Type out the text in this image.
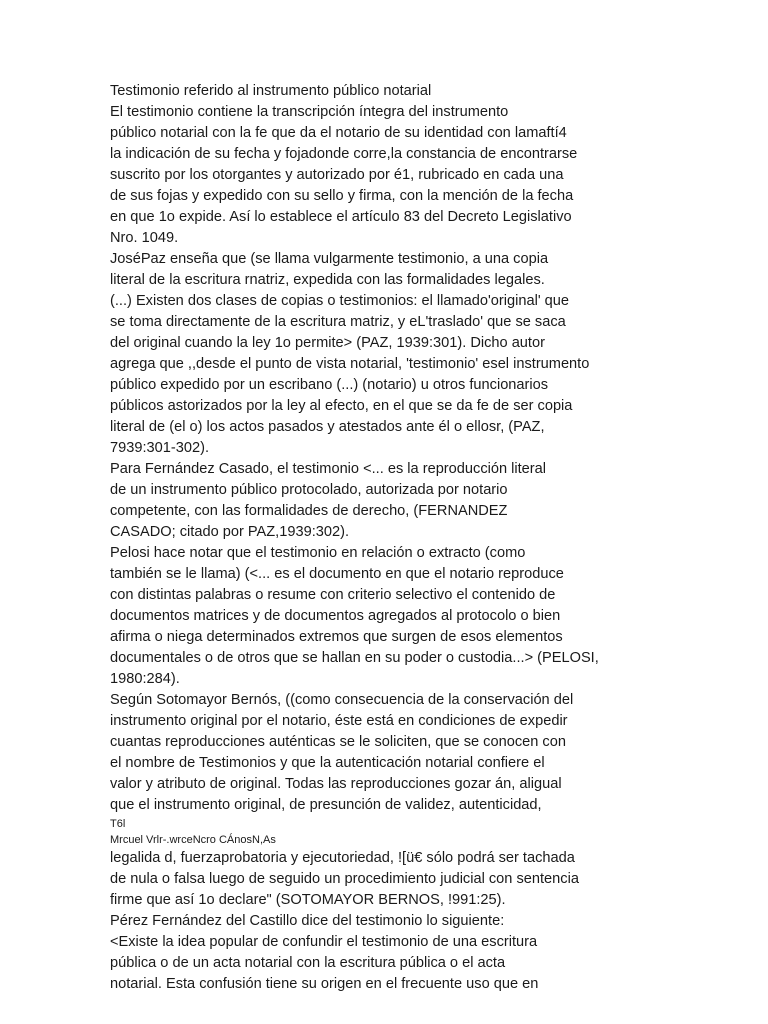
Testimonio referido al instrumento público notarial
El testimonio contiene la transcripción íntegra del instrumento
público notarial con la fe que da el notario de su identidad con lamaftí4
la indicación de su fecha y fojadonde corre,la constancia de encontrarse
suscrito por los otorgantes y autorizado por é1, rubricado en cada una
de sus fojas y expedido con su sello y firma, con la mención de la fecha
en que 1o expide. Así lo establece el artículo 83 del Decreto Legislativo
Nro. 1049.
JoséPaz enseña que (se llama vulgarmente testimonio, a una copia
literal de la escritura rnatriz, expedida con las formalidades legales.
(...) Existen dos clases de copias o testimonios: el llamado'original' que
se toma directamente de la escritura matriz, y eL'traslado' que se saca
del original cuando la ley 1o permite> (PAZ, 1939:301). Dicho autor
agrega que ,,desde el punto de vista notarial, 'testimonio' esel instrumento
público expedido por un escribano (...) (notario) u otros funcionarios
públicos astorizados por la ley al efecto, en el que se da fe de ser copia
literal de (el o) los actos pasados y atestados ante él o ellosr, (PAZ,
7939:301-302).
Para Fernández Casado, el testimonio <... es la reproducción literal
de un instrumento público protocolado, autorizada por notario
competente, con las formalidades de derecho, (FERNANDEZ
CASADO; citado por PAZ,1939:302).
Pelosi hace notar que el testimonio en relación o extracto (como
también se le llama) (<... es el documento en que el notario reproduce
con distintas palabras o resume con criterio selectivo el contenido de
documentos matrices y de documentos agregados al protocolo o bien
afirma o niega determinados extremos que surgen de esos elementos
documentales o de otros que se hallan en su poder o custodia...> (PELOSI,
1980:284).
Según Sotomayor Bernós, ((como consecuencia de la conservación del
instrumento original por el notario, éste está en condiciones de expedir
cuantas reproducciones auténticas se le soliciten, que se conocen con
el nombre de Testimonios y que la autenticación notarial confiere el
valor y atributo de original. Todas las reproducciones gozar án, aligual
que el instrumento original, de presunción de validez, autenticidad,
T6l
Mrcuel Vrlr-.wrceNcro CÁnosN,As
legalida d, fuerzaprobatoria y ejecutoriedad, ![ü€ sólo podrá ser tachada
de nula o falsa luego de seguido un procedimiento judicial con sentencia
firme que así 1o declare" (SOTOMAYOR BERNOS, !991:25).
Pérez Fernández del Castillo dice del testimonio lo siguiente:
<Existe la idea popular de confundir el testimonio de una escritura
pública o de un acta notarial con la escritura pública o el acta
notarial. Esta confusión tiene su origen en el frecuente uso que en
